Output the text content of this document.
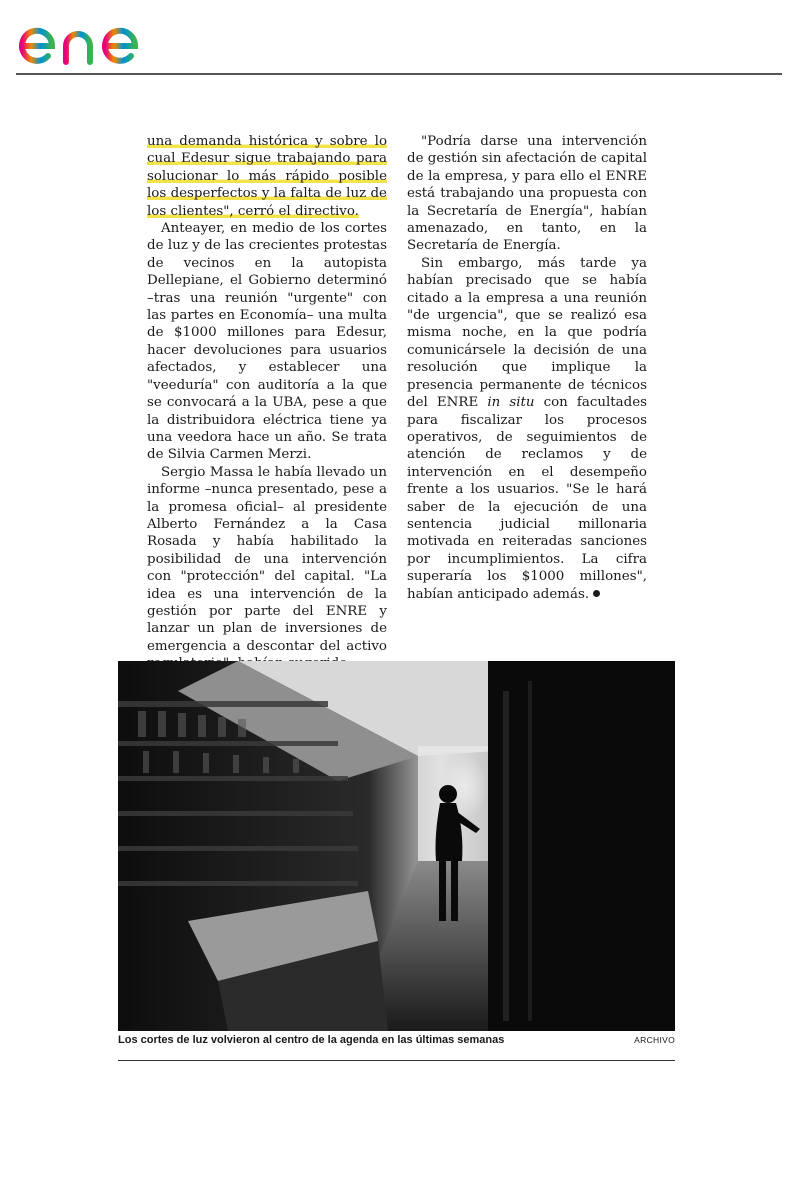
una demanda histórica y sobre lo cual Edesur sigue trabajando para solucionar lo más rápido posible los desperfectos y la falta de luz de los clientes", cerró el directivo.

Anteayer, en medio de los cortes de luz y de las crecientes protestas de vecinos en la autopista Dellepiane, el Gobierno determinó –tras una reunión "urgente" con las partes en Economía– una multa de $1000 millones para Edesur, hacer devoluciones para usuarios afectados, y establecer una "veeduría" con auditoría a la que se convocará a la UBA, pese a que la distribuidora eléctrica tiene ya una veedora hace un año. Se trata de Silvia Carmen Merzi.

Sergio Massa le había llevado un informe –nunca presentado, pese a la promesa oficial– al presidente Alberto Fernández a la Casa Rosada y había habilitado la posibilidad de una intervención con "protección" del capital. "La idea es una intervención de la gestión por parte del ENRE y lanzar un plan de inversiones de emergencia a descontar del activo

"Podría darse una intervención de gestión sin afectación de capital de la empresa, y para ello el ENRE está trabajando una propuesta con la Secretaría de Energía", habían amenazado, en tanto, en la Secretaría de Energía.

Sin embargo, más tarde ya habían precisado que se había citado a la empresa a una reunión "de urgencia", que se realizó esa misma noche, en la que podría comunicársele la decisión de una resolución que implique la presencia permanente de técnicos del ENRE in situ con facultades para fiscalizar los procesos operativos, de seguimientos de atención de reclamos y de intervención en el desempeño frente a los usuarios. "Se le hará saber de la ejecución de una sentencia judicial millonaria motivada en reiteradas sanciones por incumplimientos. La cifra superaría los $1000 millones", habían anticipado además.

Los cortes de luz volvieron al centro de la agenda en las últimas semanas	ARCHIVO
